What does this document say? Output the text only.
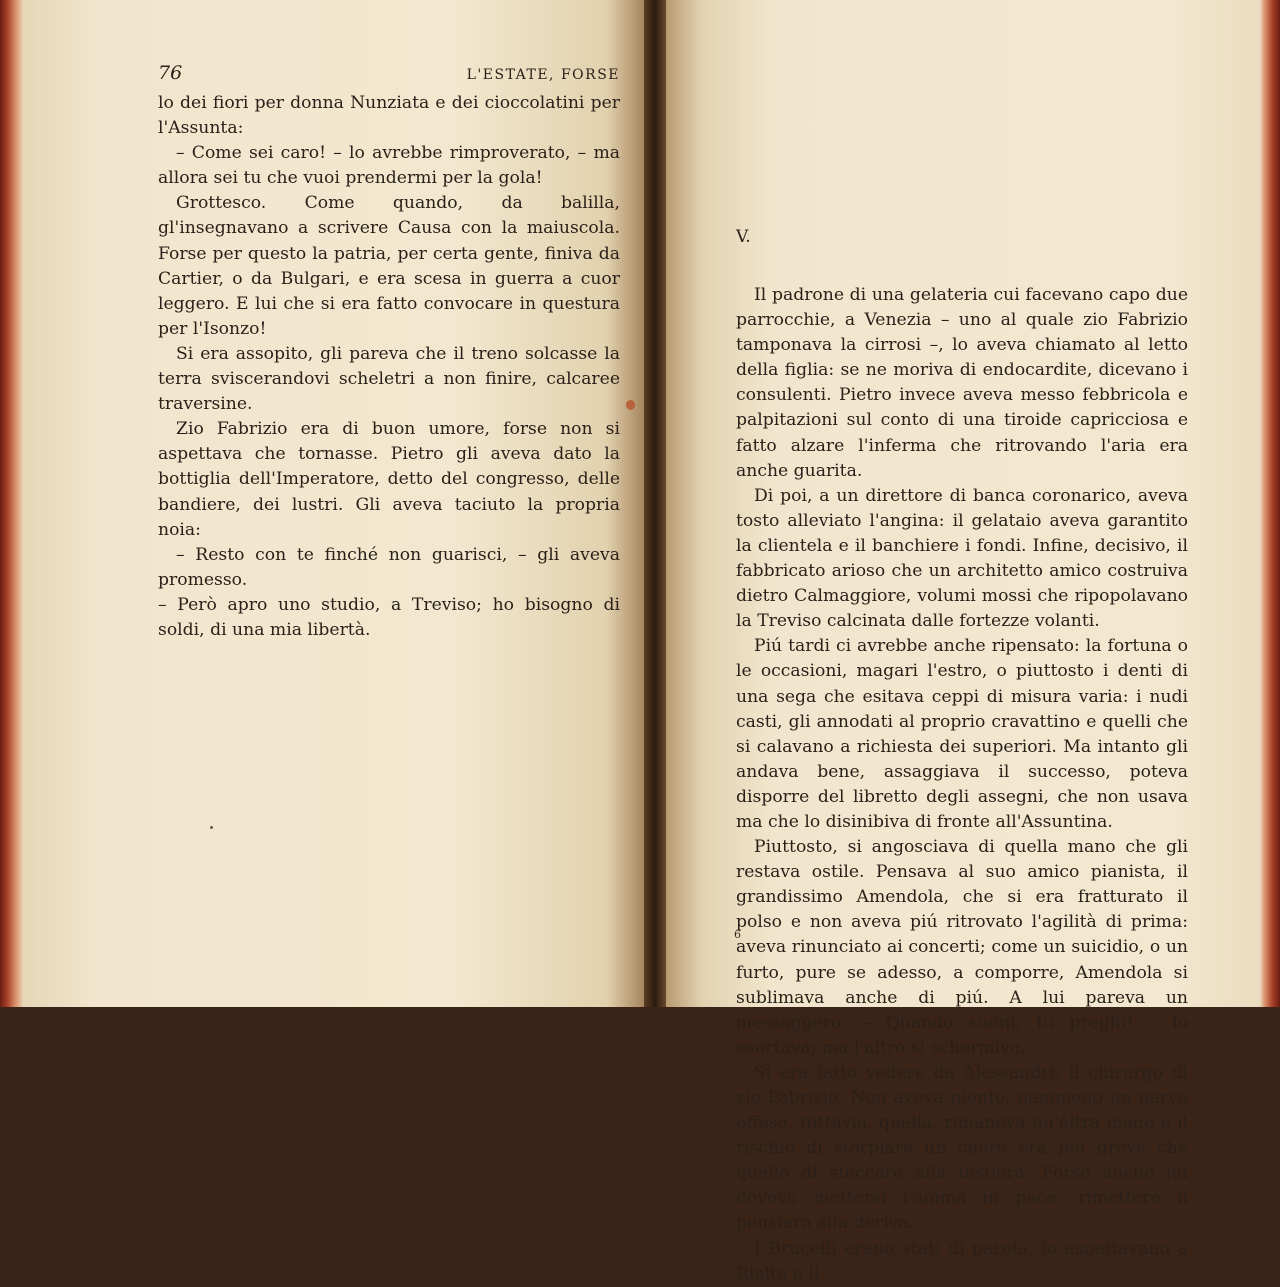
76	L'ESTATE, FORSE

lo dei fiori per donna Nunziata e dei cioccolatini per l'Assunta:

– Come sei caro! – lo avrebbe rimproverato, – ma allora sei tu che vuoi prendermi per la gola!

Grottesco. Come quando, da balilla, gl'insegnavano a scrivere Causa con la maiuscola. Forse per questo la patria, per certa gente, finiva da Cartier, o da Bulgari, e era scesa in guerra a cuor leggero. E lui che si era fatto convocare in questura per l'Isonzo!

Si era assopito, gli pareva che il treno solcasse la terra sviscerandovi scheletri a non finire, calcaree traversine.

Zio Fabrizio era di buon umore, forse non si aspettava che tornasse. Pietro gli aveva dato la bottiglia dell'Imperatore, detto del congresso, delle bandiere, dei lustri. Gli aveva taciuto la propria noia:

– Resto con te finché non guarisci, – gli aveva promesso.

– Però apro uno studio, a Treviso; ho bisogno di soldi, di una mia libertà.

V.

Il padrone di una gelateria cui facevano capo due parrocchie, a Venezia – uno al quale zio Fabrizio tamponava la cirrosi –, lo aveva chiamato al letto della figlia: se ne moriva di endocardite, dicevano i consulenti. Pietro invece aveva messo febbricola e palpitazioni sul conto di una tiroide capricciosa e fatto alzare l'inferma che ritrovando l'aria era anche guarita.

Di poi, a un direttore di banca coronarico, aveva tosto alleviato l'angina: il gelataio aveva garantito la clientela e il banchiere i fondi. Infine, decisivo, il fabbricato arioso che un architetto amico costruiva dietro Calmaggiore, volumi mossi che ripopolavano la Treviso calcinata dalle fortezze volanti.

Piú tardi ci avrebbe anche ripensato: la fortuna o le occasioni, magari l'estro, o piuttosto i denti di una sega che esitava ceppi di misura varia: i nudi casti, gli annodati al proprio cravattino e quelli che si calavano a richiesta dei superiori. Ma intanto gli andava bene, assaggiava il successo, poteva disporre del libretto degli assegni, che non usava ma che lo disinibiva di fronte all'Assuntina.

Piuttosto, si angosciava di quella mano che gli restava ostile. Pensava al suo amico pianista, il grandissimo Amendola, che si era fratturato il polso e non aveva piú ritrovato l'agilità di prima: aveva rinunciato ai concerti; come un suicidio, o un furto, pure se adesso, a comporre, Amendola si sublimava anche di piú. A lui pareva un messaggero: – Quando suoni, tu preghi! – lo esortava; ma l'altro si schermiva.

Si era fatto vedere da Alessandri, il chirurgo di zio Fabrizio. Non aveva niente, nemmeno un nervo offeso, tuttavia, quella, rimaneva un'altra mano e il rischio di storpiare un cuore era piú greve che quello di steccare alla tastiera. Forse anche lui doveva mettersi l'anima in pace, rimettere il pensiero alla deriva.

I Brucelli erano stati di parola, lo aspettavano a Rialto e li

6
